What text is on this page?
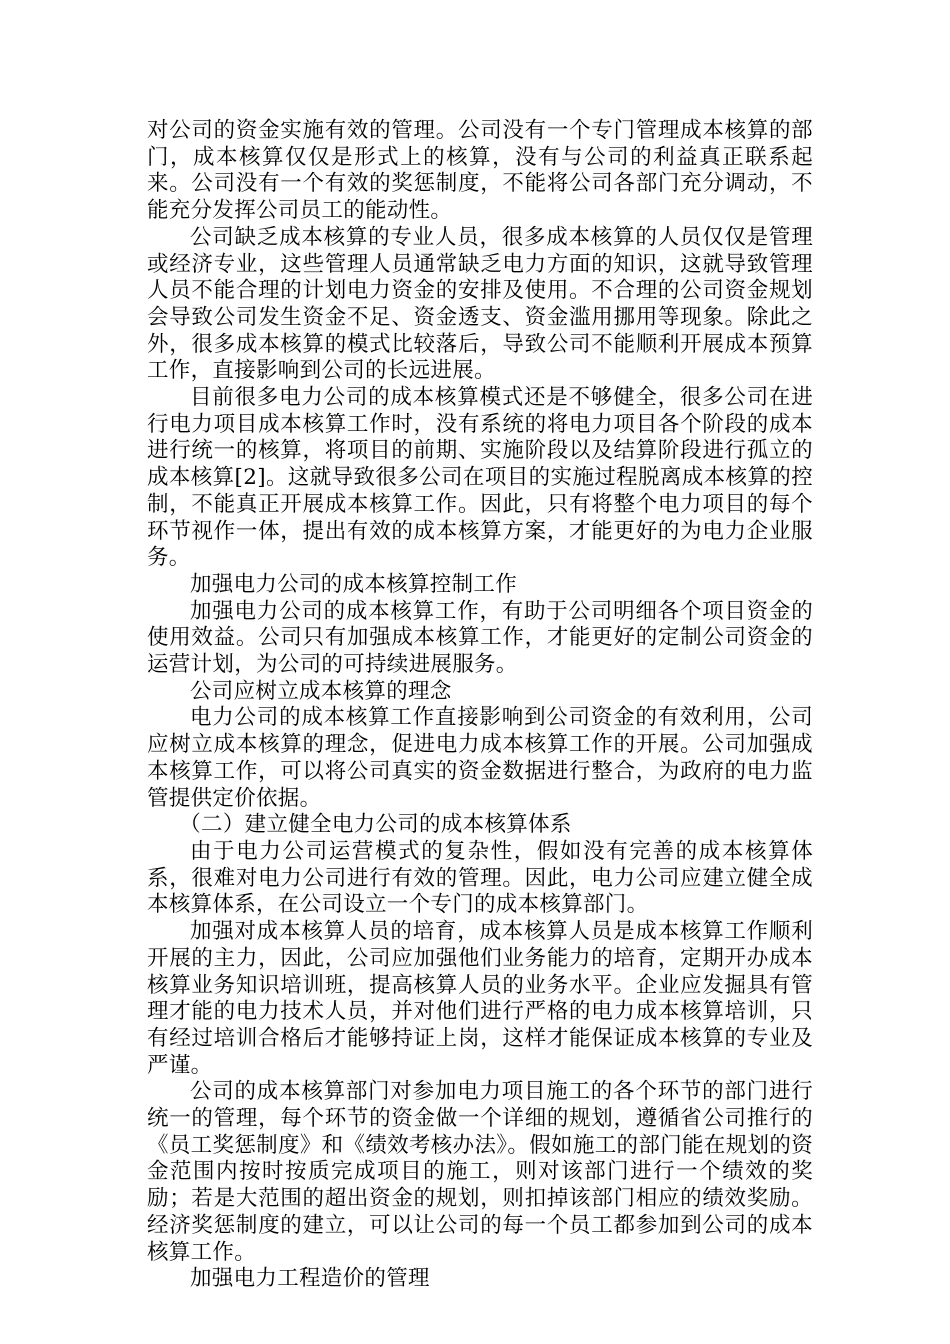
对公司的资金实施有效的管理。公司没有一个专门管理成本核算的部门，成本核算仅仅是形式上的核算，没有与公司的利益真正联系起来。公司没有一个有效的奖惩制度，不能将公司各部门充分调动，不能充分发挥公司员工的能动性。

公司缺乏成本核算的专业人员，很多成本核算的人员仅仅是管理或经济专业，这些管理人员通常缺乏电力方面的知识，这就导致管理人员不能合理的计划电力资金的安排及使用。不合理的公司资金规划会导致公司发生资金不足、资金透支、资金滥用挪用等现象。除此之外，很多成本核算的模式比较落后，导致公司不能顺利开展成本预算工作，直接影响到公司的长远进展。

目前很多电力公司的成本核算模式还是不够健全，很多公司在进行电力项目成本核算工作时，没有系统的将电力项目各个阶段的成本进行统一的核算，将项目的前期、实施阶段以及结算阶段进行孤立的成本核算[2]。这就导致很多公司在项目的实施过程脱离成本核算的控制，不能真正开展成本核算工作。因此，只有将整个电力项目的每个环节视作一体，提出有效的成本核算方案，才能更好的为电力企业服务。

加强电力公司的成本核算控制工作

加强电力公司的成本核算工作，有助于公司明细各个项目资金的使用效益。公司只有加强成本核算工作，才能更好的定制公司资金的运营计划，为公司的可持续进展服务。

公司应树立成本核算的理念

电力公司的成本核算工作直接影响到公司资金的有效利用，公司应树立成本核算的理念，促进电力成本核算工作的开展。公司加强成本核算工作，可以将公司真实的资金数据进行整合，为政府的电力监管提供定价依据。

（二）建立健全电力公司的成本核算体系

由于电力公司运营模式的复杂性，假如没有完善的成本核算体系，很难对电力公司进行有效的管理。因此，电力公司应建立健全成本核算体系，在公司设立一个专门的成本核算部门。

加强对成本核算人员的培育，成本核算人员是成本核算工作顺利开展的主力，因此，公司应加强他们业务能力的培育，定期开办成本核算业务知识培训班，提高核算人员的业务水平。企业应发掘具有管理才能的电力技术人员，并对他们进行严格的电力成本核算培训，只有经过培训合格后才能够持证上岗，这样才能保证成本核算的专业及严谨。

公司的成本核算部门对参加电力项目施工的各个环节的部门进行统一的管理，每个环节的资金做一个详细的规划，遵循省公司推行的《员工奖惩制度》和《绩效考核办法》。假如施工的部门能在规划的资金范围内按时按质完成项目的施工，则对该部门进行一个绩效的奖励；若是大范围的超出资金的规划，则扣掉该部门相应的绩效奖励。经济奖惩制度的建立，可以让公司的每一个员工都参加到公司的成本核算工作。

加强电力工程造价的管理
